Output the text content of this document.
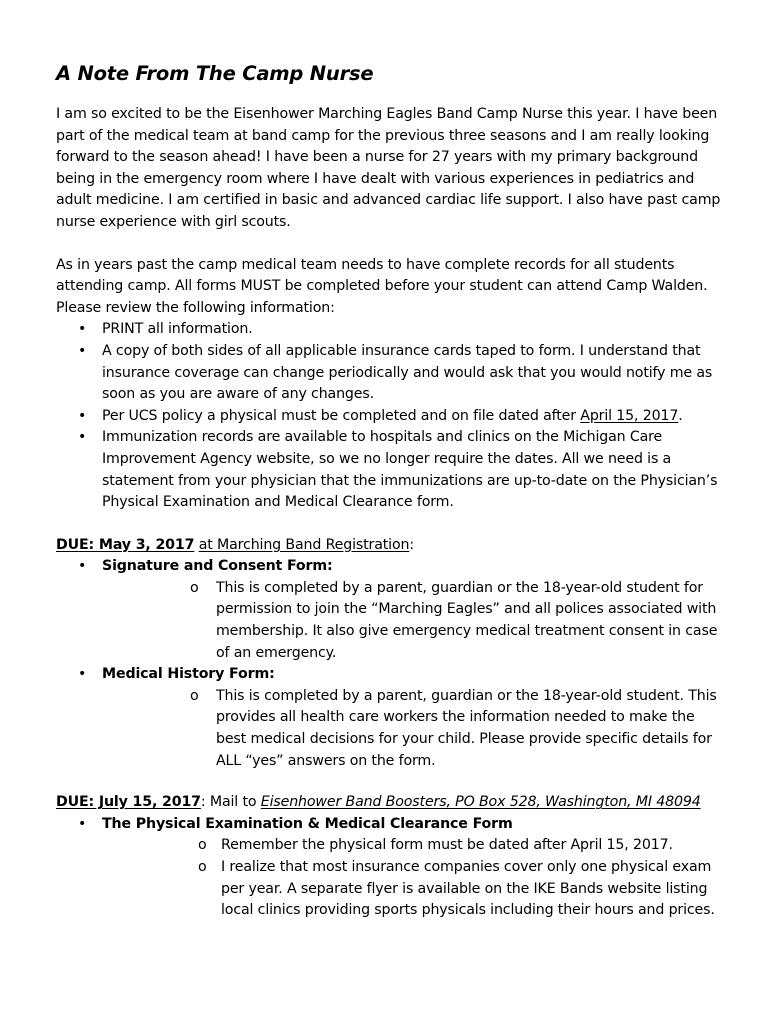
A Note From The Camp Nurse

I am so excited to be the Eisenhower Marching Eagles Band Camp Nurse this year. I have been part of the medical team at band camp for the previous three seasons and I am really looking forward to the season ahead! I have been a nurse for 27 years with my primary background being in the emergency room where I have dealt with various experiences in pediatrics and adult medicine. I am certified in basic and advanced cardiac life support. I also have past camp nurse experience with girl scouts.

As in years past the camp medical team needs to have complete records for all students attending camp. All forms MUST be completed before your student can attend Camp Walden. Please review the following information:

• PRINT all information.
• A copy of both sides of all applicable insurance cards taped to form. I understand that insurance coverage can change periodically and would ask that you would notify me as soon as you are aware of any changes.
• Per UCS policy a physical must be completed and on file dated after April 15, 2017.
• Immunization records are available to hospitals and clinics on the Michigan Care Improvement Agency website, so we no longer require the dates. All we need is a statement from your physician that the immunizations are up-to-date on the Physician’s Physical Examination and Medical Clearance form.

DUE: May 3, 2017 at Marching Band Registration:

• Signature and Consent Form:
o This is completed by a parent, guardian or the 18-year-old student for permission to join the “Marching Eagles” and all polices associated with membership. It also give emergency medical treatment consent in case of an emergency.
• Medical History Form:
o This is completed by a parent, guardian or the 18-year-old student. This provides all health care workers the information needed to make the best medical decisions for your child. Please provide specific details for ALL “yes” answers on the form.

DUE: July 15, 2017: Mail to Eisenhower Band Boosters, PO Box 528, Washington, MI 48094

• The Physical Examination & Medical Clearance Form
o Remember the physical form must be dated after April 15, 2017.
o I realize that most insurance companies cover only one physical exam per year. A separate flyer is available on the IKE Bands website listing local clinics providing sports physicals including their hours and prices.
